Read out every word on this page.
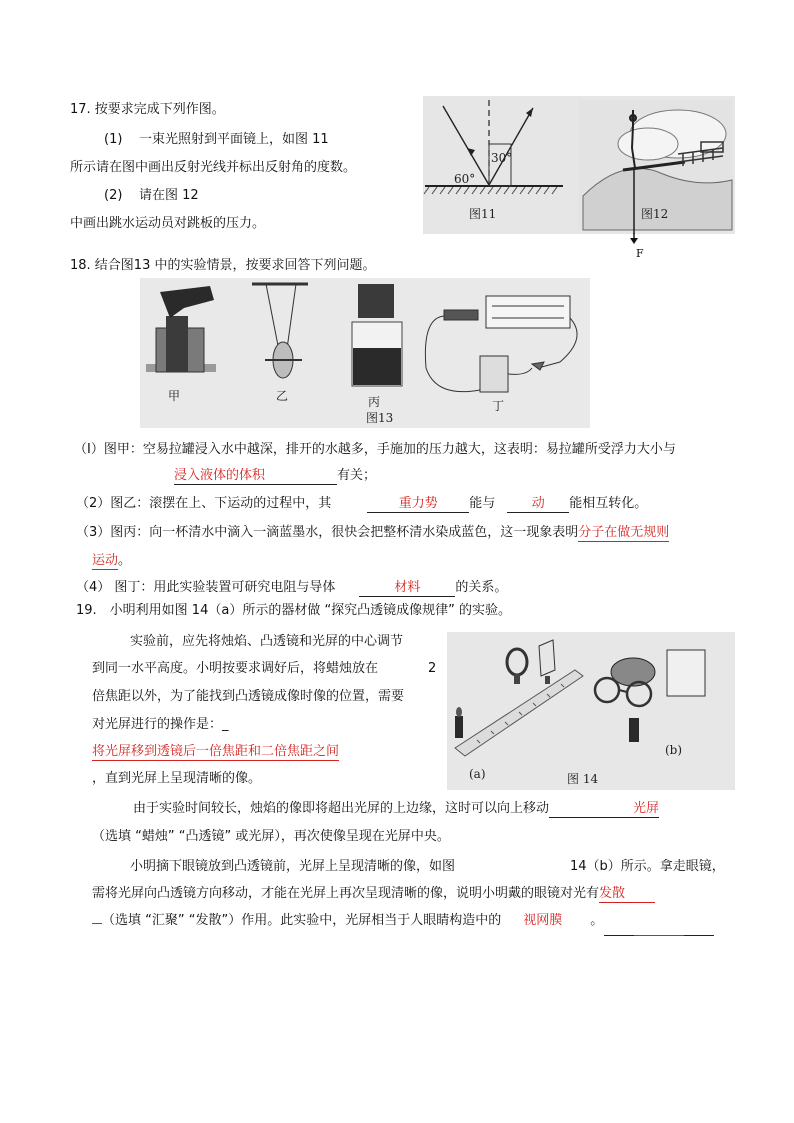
17. 按要求完成下列作图。
(1) 一束光照射到平面镜上，如图 11
所示请在图中画出反射光线并标出反射角的度数。
(2) 请在图 12
中画出跳水运动员对跳板的压力。
60°
30°
图11	图12
F
18. 结合图13 中的实验情景，按要求回答下列问题。
甲	乙	丙	丁
图13
（I）图甲：空易拉罐浸入水中越深，排开的水越多，手施加的压力越大，这表明：易拉罐所受浮力大小与
浸入液体的体积	有关；
（2）图乙：滚摆在上、下运动的过程中，其	重力势 能与	动 能相互转化。
（3）图丙：向一杯清水中滴入一滴蓝墨水，很快会把整杯清水染成蓝色，这一现象表明分子在做无规则
运动。
（4） 图丁：用此实验装置可研究电阻与导体	材料	的关系。
19.　小明利用如图 14（a）所示的器材做 “探究凸透镜成像规律” 的实验。
实验前，应先将烛焰、凸透镜和光屏的中心调节
到同一水平高度。小明按要求调好后，将蜡烛放在	2
倍焦距以外，为了能找到凸透镜成像时像的位置，需要
对光屏进行的操作是：_
将光屏移到透镜后一倍焦距和二倍焦距之间
，直到光屏上呈现清晰的像。	(a)
(b)
图 14
由于实验时间较长，烛焰的像即将超出光屏的上边缘，这时可以向上移动	光屏
（选填 “蜡烛” “凸透镜” 或光屏），再次使像呈现在光屏中央。
小明摘下眼镜放到凸透镜前，光屏上呈现清晰的像，如图	14（b）所示。拿走眼镜，
需将光屏向凸透镜方向移动，才能在光屏上再次呈现清晰的像，说明小明戴的眼镜对光有发散
（选填 “汇聚” “发散”）作用。此实验中，光屏相当于人眼睛构造中的 视网膜 。
